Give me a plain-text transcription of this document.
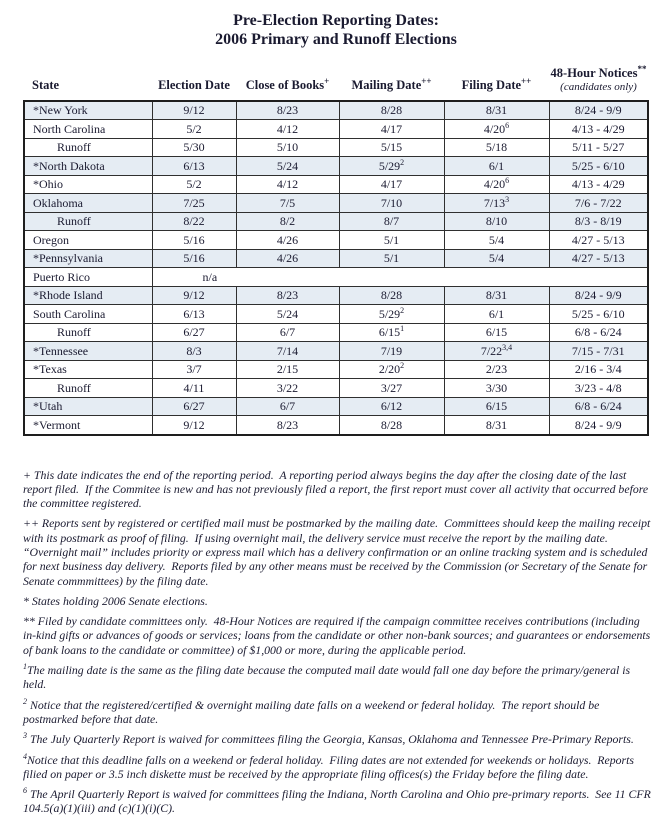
Pre-Election Reporting Dates:
2006 Primary and Runoff Elections
State	Election Date	Close of Books+	Mailing Date++	Filing Date++	48-Hour Notices**
(candidates only)

*New York	9/12	8/23	8/28	8/31	8/24 - 9/9
North Carolina	5/2	4/12	4/17	$4/20^6$	4/13 - 4/29
Runoff	5/30	5/10	5/15	5/18	5/11 - 5/27
*North Dakota	6/13	5/24	$5/29^2$	6/1	5/25 - 6/10
*Ohio	5/2	4/12	4/17	$4/20^6$	4/13 - 4/29
Oklahoma	7/25	7/5	7/10	$7/13^3$	7/6 - 7/22
Runoff	8/22	8/2	8/7	8/10	8/3 - 8/19
Oregon	5/16	4/26	5/1	5/4	4/27 - 5/13
*Pennsylvania	5/16	4/26	5/1	5/4	4/27 - 5/13
Puerto Rico	n/a				
*Rhode Island	9/12	8/23	8/28	8/31	8/24 - 9/9
South Carolina	6/13	5/24	$5/29^2$	6/1	5/25 - 6/10
Runoff	6/27	6/7	$6/15^1$	6/15	6/8 - 6/24
*Tennessee	8/3	7/14	7/19	7/22$^{3,4}$	7/15 - 7/31
*Texas	3/7	2/15	$2/20^2$	2/23	2/16 - 3/4
Runoff	4/11	3/22	3/27	3/30	3/23 - 4/8
*Utah	6/27	6/7	6/12	6/15	6/8 - 6/24
*Vermont	9/12	8/23	8/28	8/31	8/24 - 9/9
+ This date indicates the end of the reporting period.  A reporting period always begins the day after the closing date of the last report filed.  If the Commitee is new and has not previously filed a report, the first report must cover all activity that occurred before the committee registered.
++ Reports sent by registered or certified mail must be postmarked by the mailing date.  Committees should keep the mailing receipt with its postmark as proof of filing.  If using overnight mail, the delivery service must receive the report by the mailing date.  “Overnight mail” includes priority or express mail which has a delivery confirmation or an online tracking system and is scheduled for next business day delivery.  Reports filed by any other means must be received by the Commission (or Secretary of the Senate for Senate commmittees) by the filing date.
* States holding 2006 Senate elections.
** Filed by candidate committees only.  48-Hour Notices are required if the campaign committee receives contributions (including in-kind gifts or advances of goods or services; loans from the candidate or other non-bank sources; and guarantees or endorsements of bank loans to the candidate or committee) of $1,000 or more, during the applicable period.
$^1$The mailing date is the same as the filing date because the computed mail date would fall one day before the primary/general is held.
$^2$ Notice that the registered/certified & overnight mailing date falls on a weekend or federal holiday.  The report should be postmarked before that date.
$^3$ The July Quarterly Report is waived for committees filing the Georgia, Kansas, Oklahoma and Tennessee Pre-Primary Reports.
$^4$Notice that this deadline falls on a weekend or federal holiday.  Filing dates are not extended for weekends or holidays.  Reports filied on paper or 3.5 inch diskette must be received by the appropriate filing offices(s) the Friday before the filing date.
$^6$ The April Quarterly Report is waived for committees filing the Indiana, North Carolina and Ohio pre-primary reports.  See 11 CFR 104.5(a)(1)(iii) and (c)(1)(i)(C).
